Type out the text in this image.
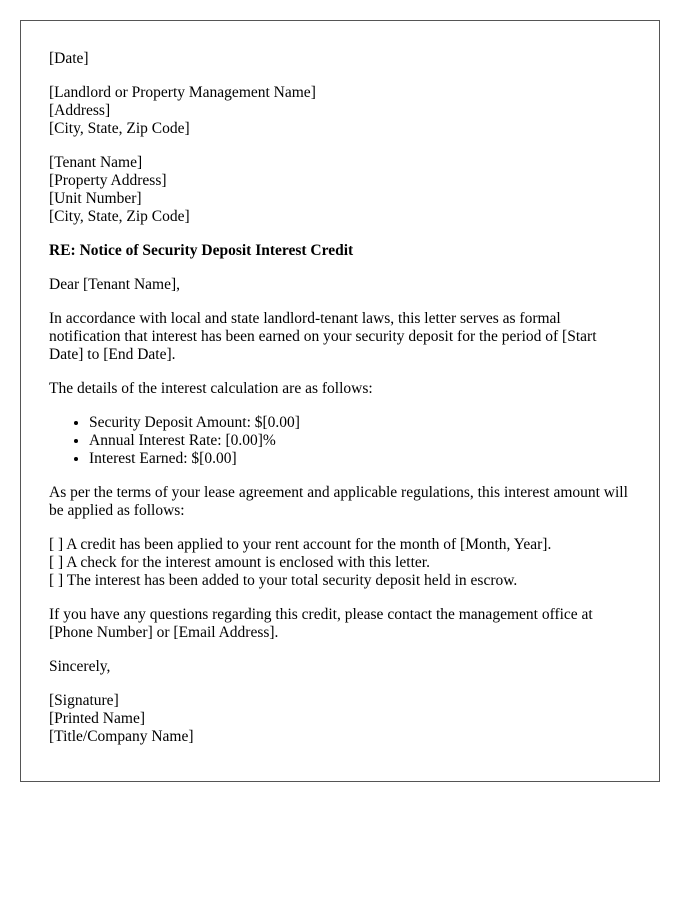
[Date]

[Landlord or Property Management Name]

[Address]

[City, State, Zip Code]

[Tenant Name]

[Property Address]

[Unit Number]

[City, State, Zip Code]

RE: Notice of Security Deposit Interest Credit

Dear [Tenant Name],

In accordance with local and state landlord-tenant laws, this letter serves as formal notification that interest has been earned on your security deposit for the period of [Start Date] to [End Date].

The details of the interest calculation are as follows:

• Security Deposit Amount: $[0.00]
• Annual Interest Rate: [0.00]%
• Interest Earned: $[0.00]

As per the terms of your lease agreement and applicable regulations, this interest amount will be applied as follows:

[ ] A credit has been applied to your rent account for the month of [Month, Year].

[ ] A check for the interest amount is enclosed with this letter.

[ ] The interest has been added to your total security deposit held in escrow.

If you have any questions regarding this credit, please contact the management office at [Phone Number] or [Email Address].

Sincerely,

[Signature]

[Printed Name]

[Title/Company Name]
